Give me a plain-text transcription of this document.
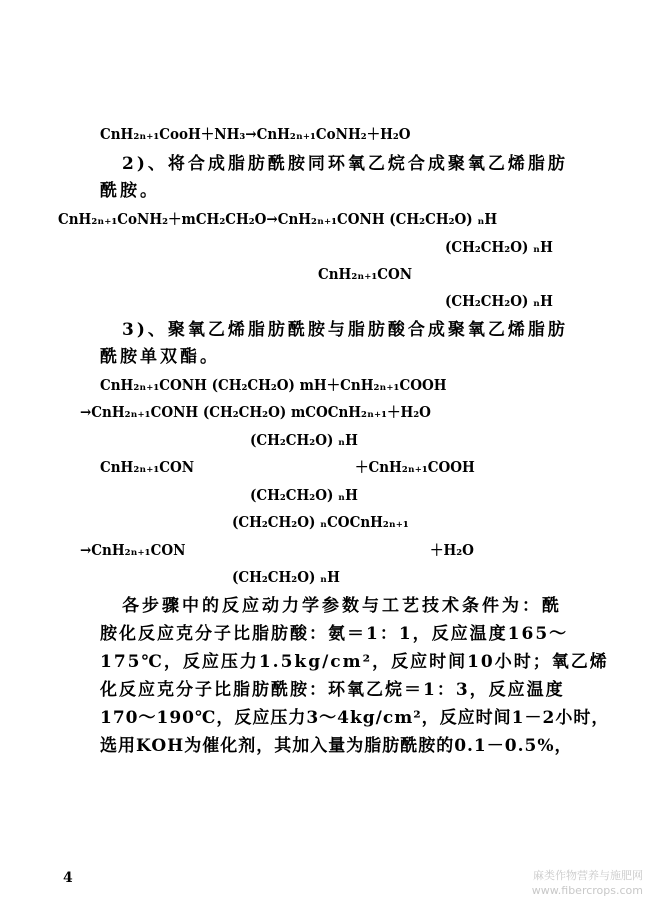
CnH₂ₙ₊₁CooH＋NH₃→CnH₂ₙ₊₁CoNH₂＋H₂O
2)、将合成脂肪酰胺同环氧乙烷合成聚氧乙烯脂肪
酰胺。
CnH₂ₙ₊₁CoNH₂＋mCH₂CH₂O→CnH₂ₙ₊₁CONH (CH₂CH₂O) ₙH
(CH₂CH₂O) ₙH
CnH₂ₙ₊₁CON
(CH₂CH₂O) ₙH
3)、聚氧乙烯脂肪酰胺与脂肪酸合成聚氧乙烯脂肪
酰胺单双酯。
CnH₂ₙ₊₁CONH (CH₂CH₂O) mH＋CnH₂ₙ₊₁COOH
→CnH₂ₙ₊₁CONH (CH₂CH₂O) mCOCnH₂ₙ₊₁＋H₂O
(CH₂CH₂O) ₙH
CnH₂ₙ₊₁CON	＋CnH₂ₙ₊₁COOH
(CH₂CH₂O) ₙH
(CH₂CH₂O) ₙCOCnH₂ₙ₊₁
→CnH₂ₙ₊₁CON	＋H₂O
(CH₂CH₂O) ₙH
各步骤中的反应动力学参数与工艺技术条件为：酰
胺化反应克分子比脂肪酸：氨＝1：1，反应温度165～
175℃，反应压力1.5kg/cm²，反应时间10小时；氧乙烯
化反应克分子比脂肪酰胺：环氧乙烷＝1：3，反应温度
170～190℃，反应压力3～4kg/cm²，反应时间1－2小时，
选用KOH为催化剂，其加入量为脂肪酰胺的0.1－0.5%，
4	麻类作物营养与施肥网
www.fibercrops.com
